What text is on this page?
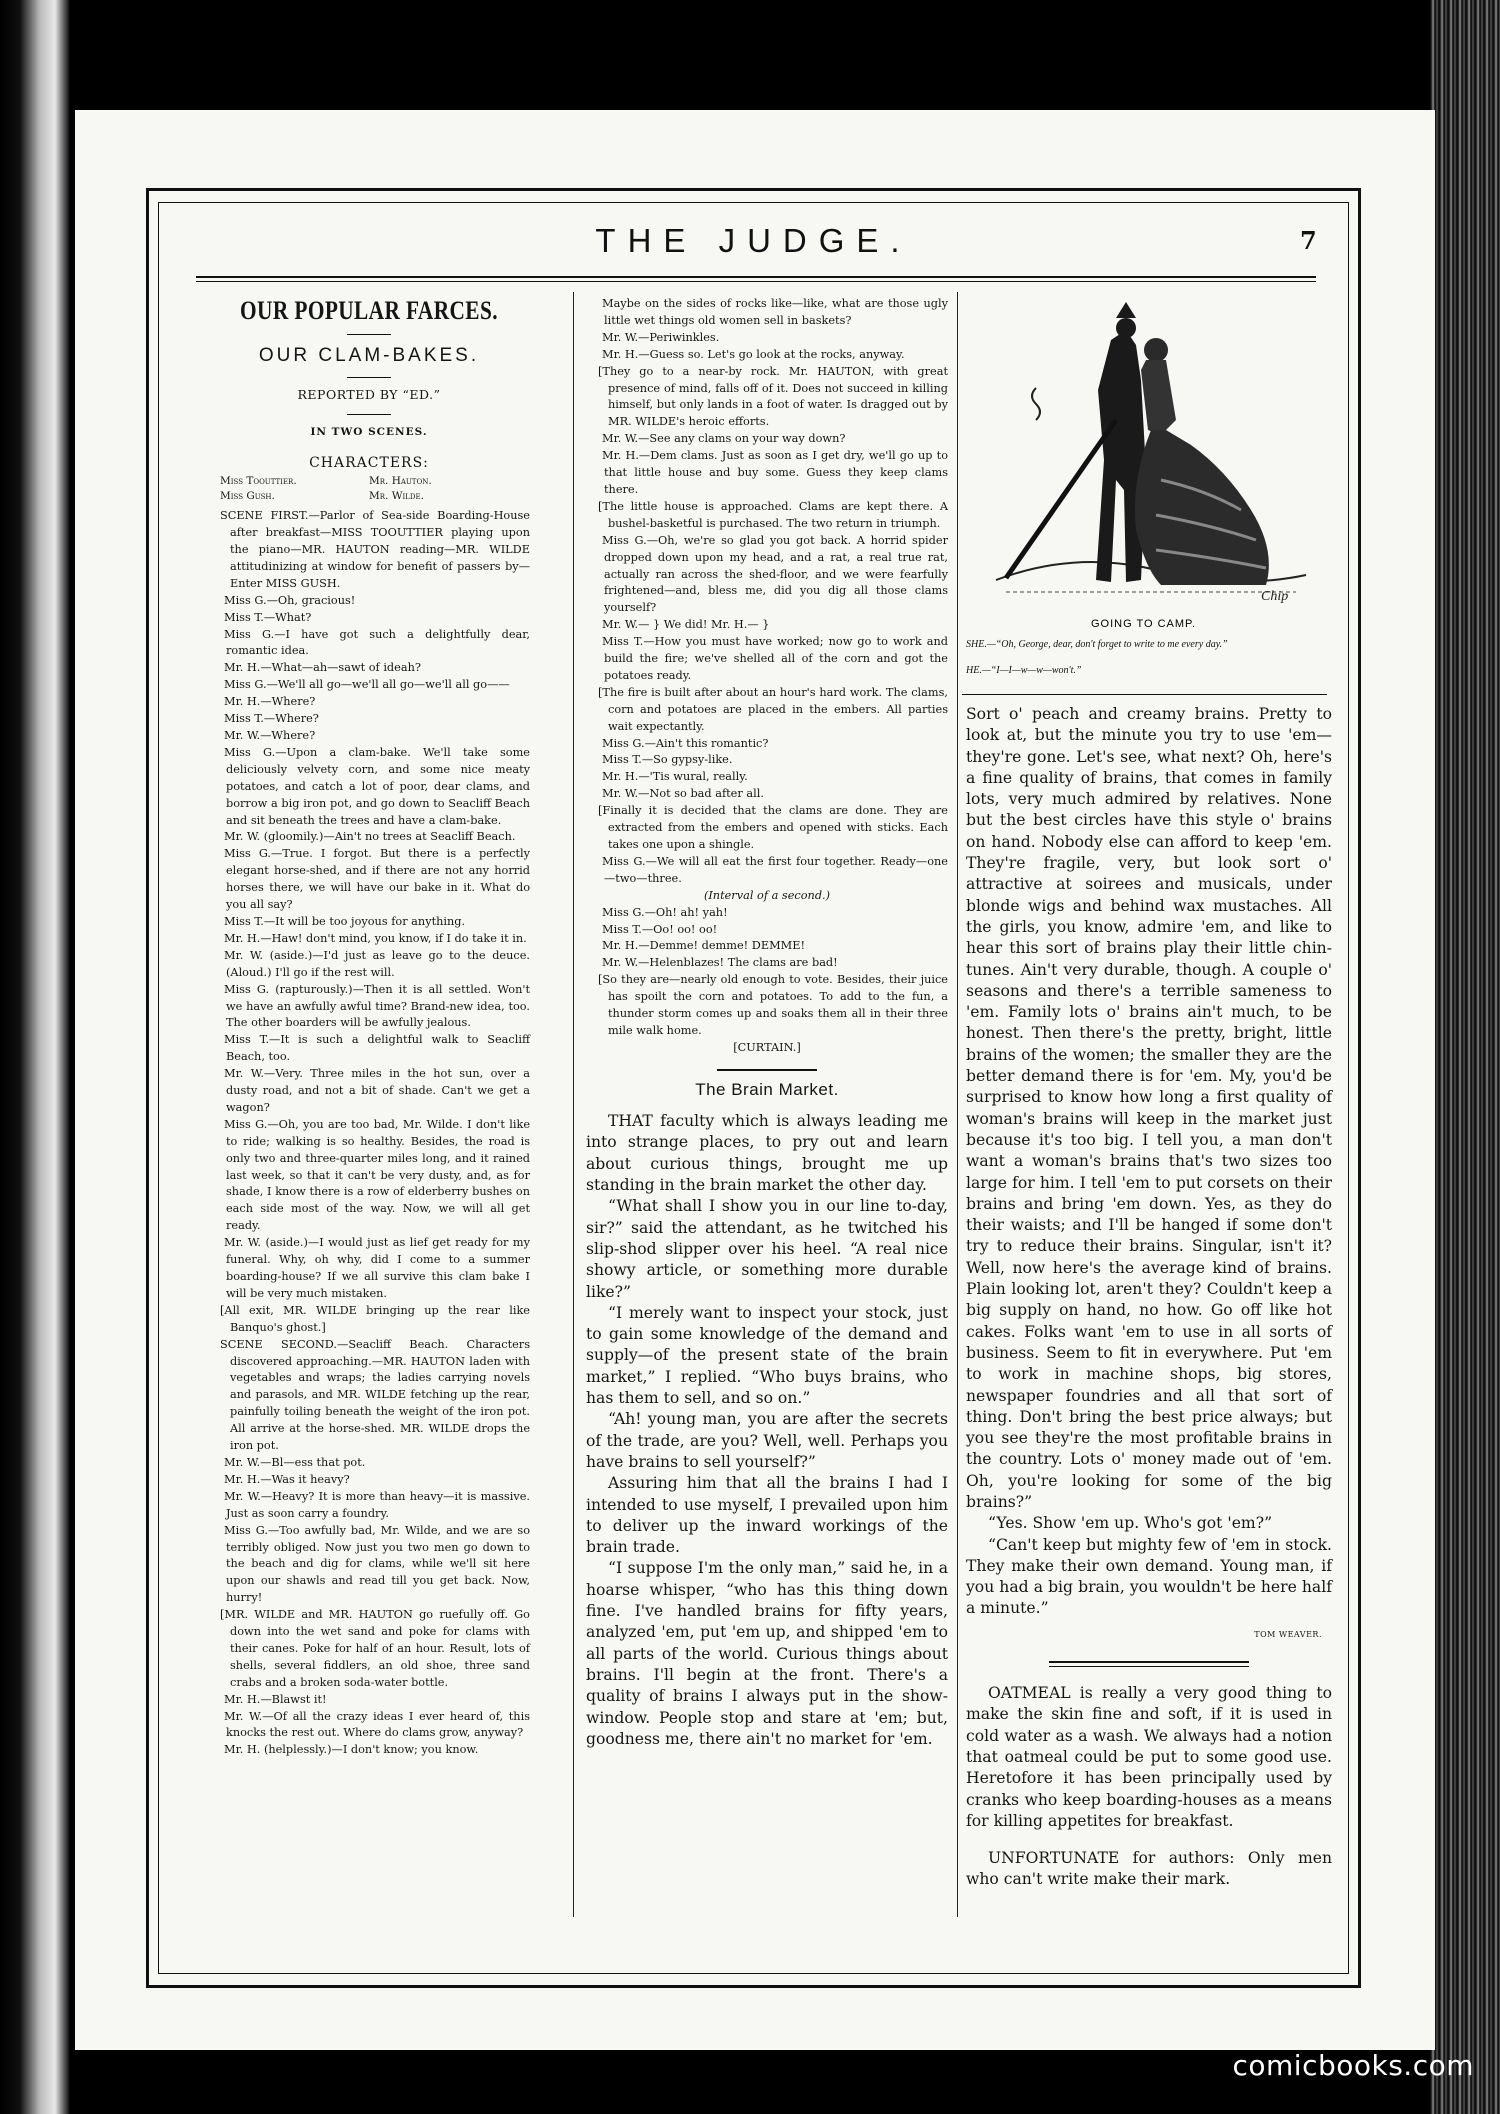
THE JUDGE.	7
OUR POPULAR FARCES.
OUR CLAM-BAKES.
REPORTED BY “ED.”
IN TWO SCENES.
CHARACTERS:
Miss Toouttier.	Mr. Hauton.
Miss Gush.	Mr. Wilde.

SCENE FIRST.—Parlor of Sea-side Boarding-House after breakfast—MISS TOOUTTIER playing upon the piano—MR. HAUTON reading—MR. WILDE attitudinizing at window for benefit of passers by—Enter MISS GUSH.

Miss G.—Oh, gracious!

Miss T.—What?

Miss G.—I have got such a delightfully dear, romantic idea.

Mr. H.—What—ah—sawt of ideah?

Miss G.—We'll all go—we'll all go—we'll all go——

Mr. H.—Where?

Miss T.—Where?

Mr. W.—Where?

Miss G.—Upon a clam-bake. We'll take some deliciously velvety corn, and some nice meaty potatoes, and catch a lot of poor, dear clams, and borrow a big iron pot, and go down to Seacliff Beach and sit beneath the trees and have a clam-bake.

Mr. W. (gloomily.)—Ain't no trees at Seacliff Beach.

Miss G.—True. I forgot. But there is a perfectly elegant horse-shed, and if there are not any horrid horses there, we will have our bake in it. What do you all say?

Miss T.—It will be too joyous for anything.

Mr. H.—Haw! don't mind, you know, if I do take it in.

Mr. W. (aside.)—I'd just as leave go to the deuce. (Aloud.) I'll go if the rest will.

Miss G. (rapturously.)—Then it is all settled. Won't we have an awfully awful time? Brand-new idea, too. The other boarders will be awfully jealous.

Miss T.—It is such a delightful walk to Seacliff Beach, too.

Mr. W.—Very. Three miles in the hot sun, over a dusty road, and not a bit of shade. Can't we get a wagon?

Miss G.—Oh, you are too bad, Mr. Wilde. I don't like to ride; walking is so healthy. Besides, the road is only two and three-quarter miles long, and it rained last week, so that it can't be very dusty, and, as for shade, I know there is a row of elderberry bushes on each side most of the way. Now, we will all get ready.

Mr. W. (aside.)—I would just as lief get ready for my funeral. Why, oh why, did I come to a summer boarding-house? If we all survive this clam bake I will be very much mistaken.

[All exit, MR. WILDE bringing up the rear like Banquo's ghost.]

SCENE SECOND.—Seacliff Beach. Characters discovered approaching.—MR. HAUTON laden with vegetables and wraps; the ladies carrying novels and parasols, and MR. WILDE fetching up the rear, painfully toiling beneath the weight of the iron pot. All arrive at the horse-shed. MR. WILDE drops the iron pot.

Mr. W.—Bl—ess that pot.

Mr. H.—Was it heavy?

Mr. W.—Heavy? It is more than heavy—it is massive. Just as soon carry a foundry.

Miss G.—Too awfully bad, Mr. Wilde, and we are so terribly obliged. Now just you two men go down to the beach and dig for clams, while we'll sit here upon our shawls and read till you get back. Now, hurry!

[MR. WILDE and MR. HAUTON go ruefully off. Go down into the wet sand and poke for clams with their canes. Poke for half of an hour. Result, lots of shells, several fiddlers, an old shoe, three sand crabs and a broken soda-water bottle.

Mr. H.—Blawst it!

Mr. W.—Of all the crazy ideas I ever heard of, this knocks the rest out. Where do clams grow, anyway?

Mr. H. (helplessly.)—I don't know; you know.

Maybe on the sides of rocks like—like, what are those ugly little wet things old women sell in baskets?

Mr. W.—Periwinkles.

Mr. H.—Guess so. Let's go look at the rocks, anyway.

[They go to a near-by rock. Mr. HAUTON, with great presence of mind, falls off of it. Does not succeed in killing himself, but only lands in a foot of water. Is dragged out by MR. WILDE's heroic efforts.

Mr. W.—See any clams on your way down?

Mr. H.—Dem clams. Just as soon as I get dry, we'll go up to that little house and buy some. Guess they keep clams there.

[The little house is approached. Clams are kept there. A bushel-basketful is purchased. The two return in triumph.

Miss G.—Oh, we're so glad you got back. A horrid spider dropped down upon my head, and a rat, a real true rat, actually ran across the shed-floor, and we were fearfully frightened—and, bless me, did you dig all those clams yourself?

Mr. W.— } We did! Mr. H.— }

Miss T.—How you must have worked; now go to work and build the fire; we've shelled all of the corn and got the potatoes ready.

[The fire is built after about an hour's hard work. The clams, corn and potatoes are placed in the embers. All parties wait expectantly.

Miss G.—Ain't this romantic?

Miss T.—So gypsy-like.

Mr. H.—'Tis wural, really.

Mr. W.—Not so bad after all.

[Finally it is decided that the clams are done. They are extracted from the embers and opened with sticks. Each takes one upon a shingle.

Miss G.—We will all eat the first four together. Ready—one—two—three.

(Interval of a second.)

Miss G.—Oh! ah! yah!

Miss T.—Oo! oo! oo!

Mr. H.—Demme! demme! DEMME!

Mr. W.—Helenblazes! The clams are bad!

[So they are—nearly old enough to vote. Besides, their juice has spoilt the corn and potatoes. To add to the fun, a thunder storm comes up and soaks them all in their three mile walk home.

[CURTAIN.]

The Brain Market.

THAT faculty which is always leading me into strange places, to pry out and learn about curious things, brought me up standing in the brain market the other day.

“What shall I show you in our line to-day, sir?” said the attendant, as he twitched his slip-shod slipper over his heel. “A real nice showy article, or something more durable like?”

“I merely want to inspect your stock, just to gain some knowledge of the demand and supply—of the present state of the brain market,” I replied. “Who buys brains, who has them to sell, and so on.”

“Ah! young man, you are after the secrets of the trade, are you? Well, well. Perhaps you have brains to sell yourself?”

Assuring him that all the brains I had I intended to use myself, I prevailed upon him to deliver up the inward workings of the brain trade.

“I suppose I'm the only man,” said he, in a hoarse whisper, “who has this thing down fine. I've handled brains for fifty years, analyzed 'em, put 'em up, and shipped 'em to all parts of the world. Curious things about brains. I'll begin at the front. There's a quality of brains I always put in the show-window. People stop and stare at 'em; but, goodness me, there ain't no market for 'em.

Chip
GOING TO CAMP.
SHE.—“Oh, George, dear, don't forget to write to me every day.”
HE.—“I—I—w—w—won't.”

Sort o' peach and creamy brains. Pretty to look at, but the minute you try to use 'em—they're gone. Let's see, what next? Oh, here's a fine quality of brains, that comes in family lots, very much admired by relatives. None but the best circles have this style o' brains on hand. Nobody else can afford to keep 'em. They're fragile, very, but look sort o' attractive at soirees and musicals, under blonde wigs and behind wax mustaches. All the girls, you know, admire 'em, and like to hear this sort of brains play their little chin-tunes. Ain't very durable, though. A couple o' seasons and there's a terrible sameness to 'em. Family lots o' brains ain't much, to be honest. Then there's the pretty, bright, little brains of the women; the smaller they are the better demand there is for 'em. My, you'd be surprised to know how long a first quality of woman's brains will keep in the market just because it's too big. I tell you, a man don't want a woman's brains that's two sizes too large for him. I tell 'em to put corsets on their brains and bring 'em down. Yes, as they do their waists; and I'll be hanged if some don't try to reduce their brains. Singular, isn't it? Well, now here's the average kind of brains. Plain looking lot, aren't they? Couldn't keep a big supply on hand, no how. Go off like hot cakes. Folks want 'em to use in all sorts of business. Seem to fit in everywhere. Put 'em to work in machine shops, big stores, newspaper foundries and all that sort of thing. Don't bring the best price always; but you see they're the most profitable brains in the country. Lots o' money made out of 'em. Oh, you're looking for some of the big brains?”

“Yes. Show 'em up. Who's got 'em?”

“Can't keep but mighty few of 'em in stock. They make their own demand. Young man, if you had a big brain, you wouldn't be here half a minute.”

TOM WEAVER.

OATMEAL is really a very good thing to make the skin fine and soft, if it is used in cold water as a wash. We always had a notion that oatmeal could be put to some good use. Heretofore it has been principally used by cranks who keep boarding-houses as a means for killing appetites for breakfast.

UNFORTUNATE for authors: Only men who can't write make their mark.

comicbooks.com
